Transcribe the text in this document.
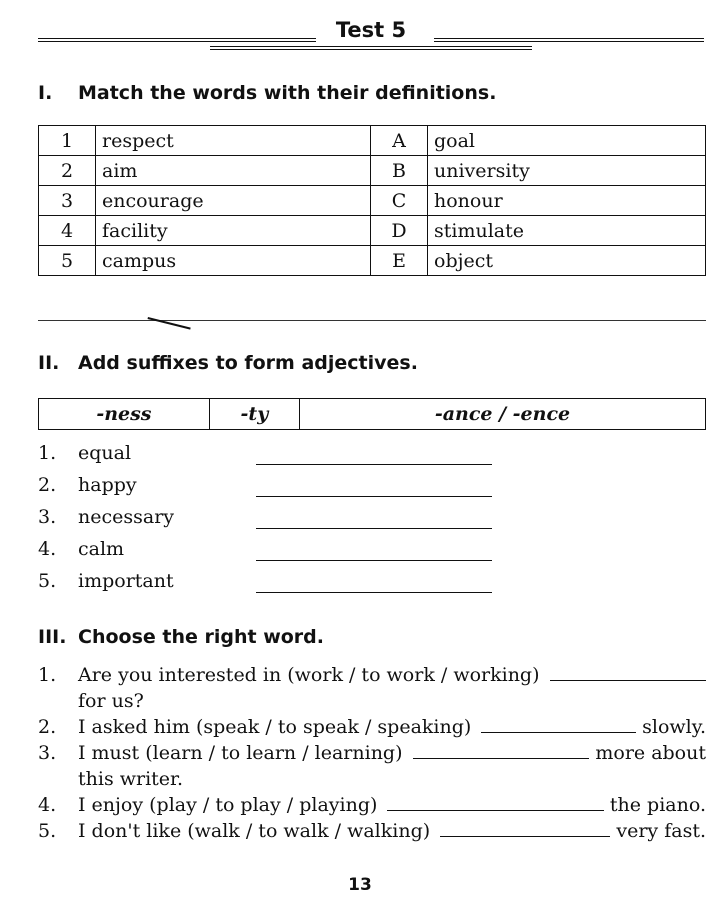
Test 5
I. Match the words with their definitions.
1	respect	A	goal
2	aim	B	university
3	encourage	C	honour
4	facility	D	stimulate
5	campus	E	object
II. Add suffixes to form adjectives.
-ness	-ty	-ance / -ence
1. equal
2. happy
3. necessary
4. calm
5. important
III. Choose the right word.
1. Are you interested in (work / to work / working)
for us?
2. I asked him (speak / to speak / speaking)	slowly.
3. I must (learn / to learn / learning)	more about
this writer.
4. I enjoy (play / to play / playing)	the piano.
5. I don't like (walk / to walk / walking)	very fast.
13
